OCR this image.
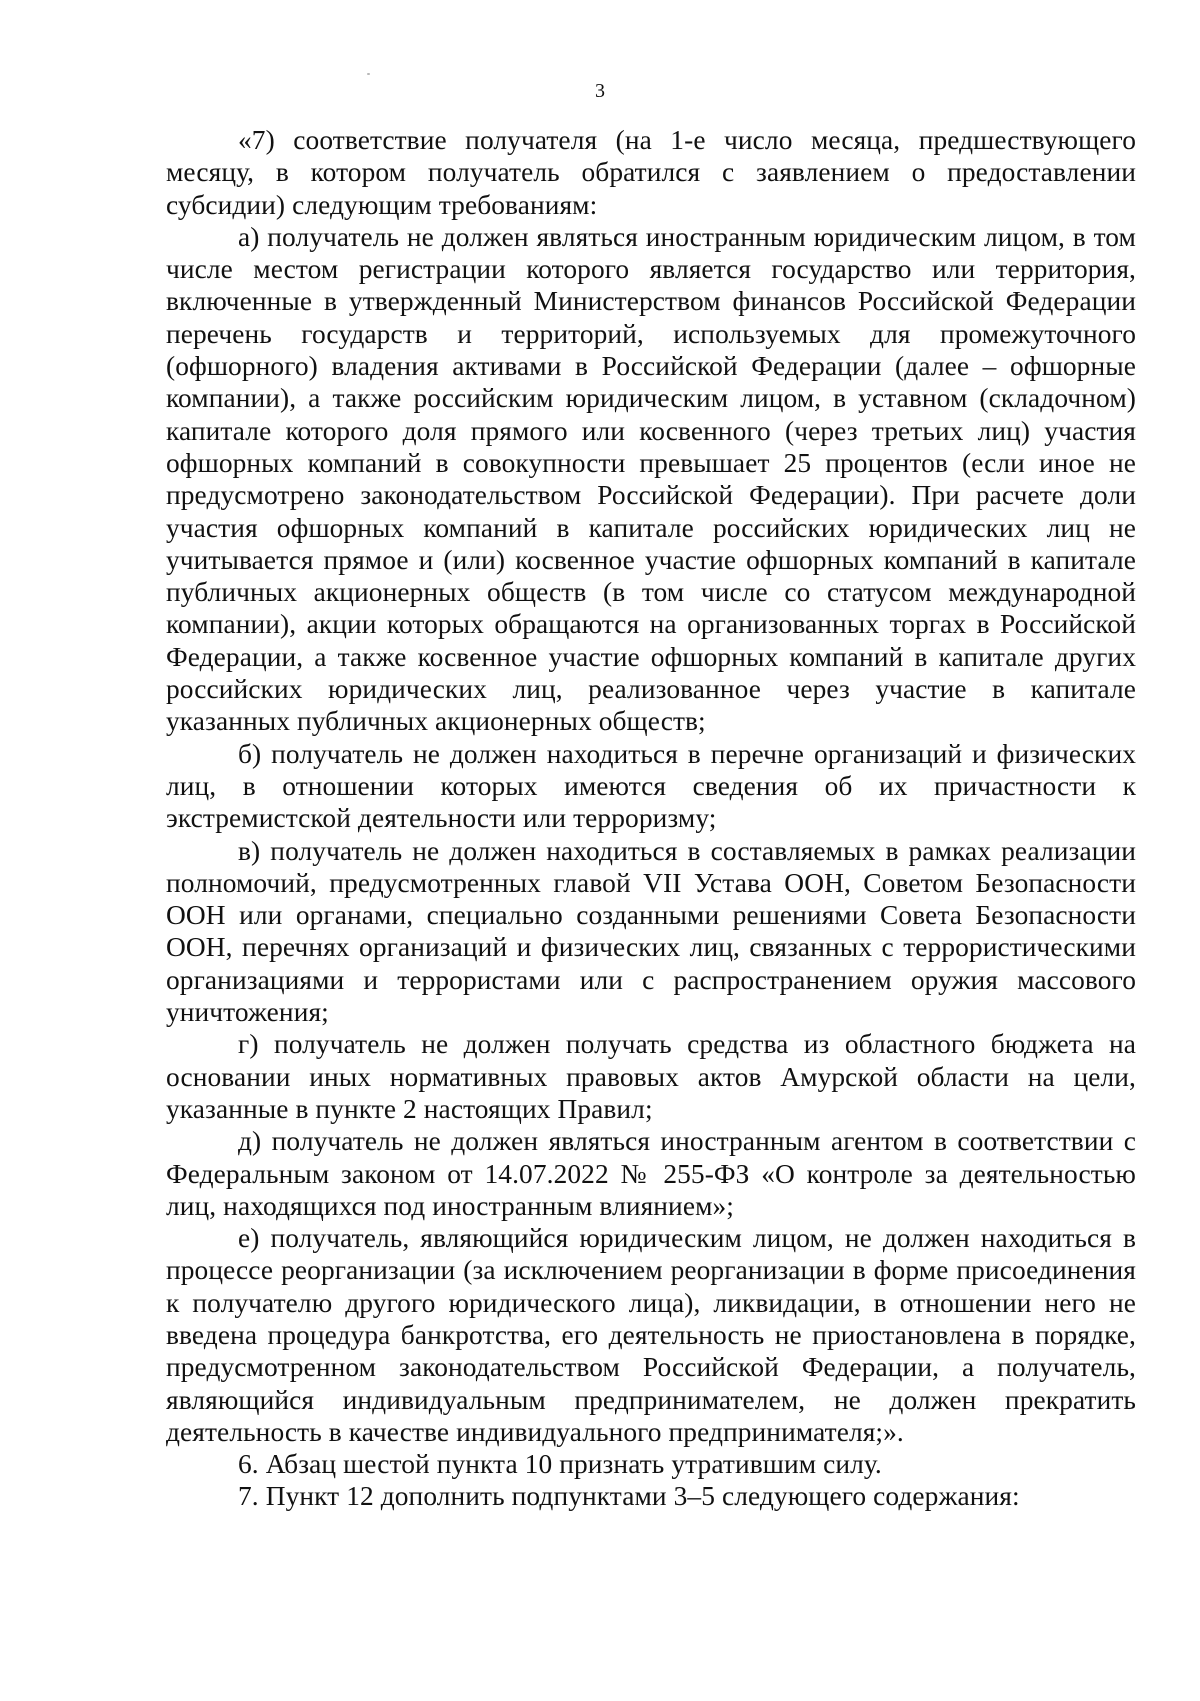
3

«7) соответствие получателя (на 1-е число месяца, предшествующего месяцу, в котором получатель обратился с заявлением о предоставлении субсидии) следующим требованиям:

а) получатель не должен являться иностранным юридическим лицом, в том числе местом регистрации которого является государство или территория, включенные в утвержденный Министерством финансов Российской Федерации перечень государств и территорий, используемых для промежуточного (офшорного) владения активами в Российской Федерации (далее – офшорные компании), а также российским юридическим лицом, в уставном (складочном) капитале которого доля прямого или косвенного (через третьих лиц) участия офшорных компаний в совокупности превышает 25 процентов (если иное не предусмотрено законодательством Российской Федерации). При расчете доли участия офшорных компаний в капитале российских юридических лиц не учитывается прямое и (или) косвенное участие офшорных компаний в капитале публичных акционерных обществ (в том числе со статусом международной компании), акции которых обращаются на организованных торгах в Российской Федерации, а также косвенное участие офшорных компаний в капитале других российских юридических лиц, реализованное через участие в капитале указанных публичных акционерных обществ;

б) получатель не должен находиться в перечне организаций и физических лиц, в отношении которых имеются сведения об их причастности к экстремистской деятельности или терроризму;

в) получатель не должен находиться в составляемых в рамках реализации полномочий, предусмотренных главой VII Устава ООН, Советом Безопасности ООН или органами, специально созданными решениями Совета Безопасности ООН, перечнях организаций и физических лиц, связанных с террористическими организациями и террористами или с распространением оружия массового уничтожения;

г) получатель не должен получать средства из областного бюджета на основании иных нормативных правовых актов Амурской области на цели, указанные в пункте 2 настоящих Правил;

д) получатель не должен являться иностранным агентом в соответствии с Федеральным законом от 14.07.2022 № 255-ФЗ «О контроле за деятельностью лиц, находящихся под иностранным влиянием»;

е) получатель, являющийся юридическим лицом, не должен находиться в процессе реорганизации (за исключением реорганизации в форме присоединения к получателю другого юридического лица), ликвидации, в отношении него не введена процедура банкротства, его деятельность не приостановлена в порядке, предусмотренном законодательством Российской Федерации, а получатель, являющийся индивидуальным предпринимателем, не должен прекратить деятельность в качестве индивидуального предпринимателя;».

6. Абзац шестой пункта 10 признать утратившим силу.

7. Пункт 12 дополнить подпунктами 3–5 следующего содержания:
